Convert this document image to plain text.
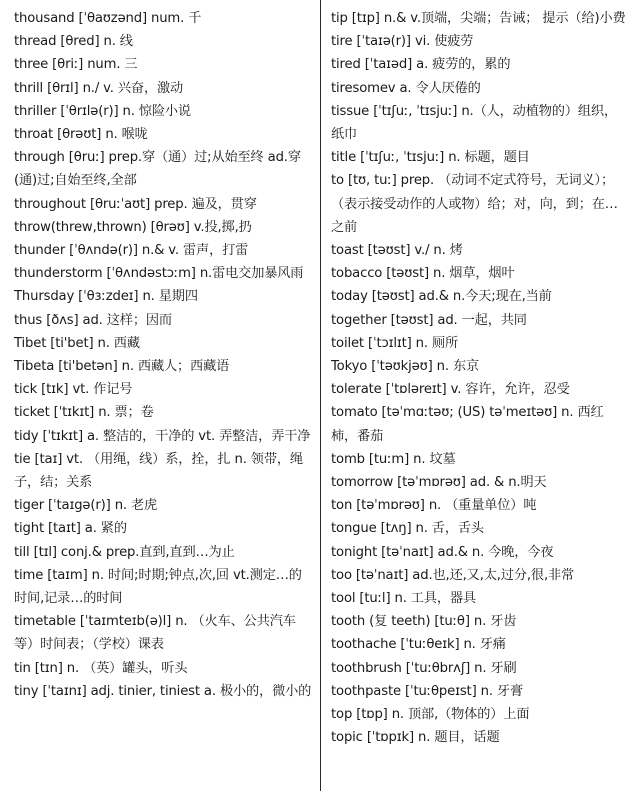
thousand [ˈθaʊzənd] num. 千

thread [θred] n. 线

three [θriː] num. 三

thrill [θrɪl] n./ v. 兴奋，激动

thriller [ˈθrɪlə(r)] n. 惊险小说

throat [θrəʊt] n. 喉咙

through [θruː] prep.穿（通）过;从始至终 ad.穿(通)过;自始至终,全部

throughout [θruːˈaʊt] prep. 遍及，贯穿

throw(threw,thrown) [θrəʊ] v.投,掷,扔

thunder [ˈθʌndə(r)] n.& v. 雷声，打雷

thunderstorm [ˈθʌndəstɔːm] n.雷电交加暴风雨

Thursday [ˈθɜːzdeɪ] n. 星期四

thus [ðʌs] ad. 这样；因而

Tibet [ti'bet] n. 西藏

Tibeta [ti'betən] n. 西藏人；西藏语

tick [tɪk] vt. 作记号

ticket [ˈtɪkɪt] n. 票；卷

tidy [ˈtɪkɪt] a. 整洁的，干净的 vt. 弄整洁，弄干净

tie [taɪ] vt. （用绳，线）系，拴，扎 n. 领带，绳子，结；关系

tiger [ˈtaɪgə(r)] n. 老虎

tight [taɪt] a. 紧的

till [tɪl] conj.& prep.直到,直到…为止

time [taɪm] n. 时间;时期;钟点,次,回 vt.测定…的时间,记录…的时间

timetable [ˈtaɪmteɪb(ə)l] n. （火车、公共汽车等）时间表；（学校）课表

tin [tɪn] n. （英）罐头，听头

tiny [ˈtaɪnɪ] adj. tinier, tiniest a. 极小的，微小的

tip [tɪp] n.& v.顶端，尖端；告诫； 提示（给)小费

tire [ˈtaɪə(r)] vi. 使疲劳

tired [ˈtaɪəd] a. 疲劳的，累的

tiresomev a. 令人厌倦的

tissue [ˈtɪʃuː, ˈtɪsjuː] n.（人，动植物的）组织，纸巾

title [ˈtɪʃuː, ˈtɪsjuː] n. 标题，题目

to [tʊ, tuː] prep. （动词不定式符号，无词义）；（表示接受动作的人或物）给；对，向，到；在…之前

toast [təʊst] v./ n. 烤

tobacco [təʊst] n. 烟草，烟叶

today [təʊst] ad.& n.今天;现在,当前

together [təʊst] ad. 一起，共同

toilet [ˈtɔɪlɪt] n. 厕所

Tokyo [ˈtəʊkjəʊ] n. 东京

tolerate [ˈtɒləreɪt] v. 容许，允许，忍受

tomato [təˈmɑːtəʊ; (US) təˈmeɪtəʊ] n. 西红柿，番茄

tomb [tuːm] n. 坟墓

tomorrow [təˈmɒrəʊ] ad. & n.明天

ton [təˈmɒrəʊ] n. （重量单位）吨

tongue [tʌŋ] n. 舌，舌头

tonight [təˈnaɪt] ad.& n. 今晚，今夜

too [təˈnaɪt] ad.也,还,又,太,过分,很,非常

tool [tuːl] n. 工具，器具

tooth (复 teeth) [tuːθ] n. 牙齿

toothache [ˈtuːθeɪk] n. 牙痛

toothbrush [ˈtuːθbrʌʃ] n. 牙刷

toothpaste [ˈtuːθpeɪst] n. 牙膏

top [tɒp] n. 顶部,（物体的）上面

topic [ˈtɒpɪk] n. 题目，话题
